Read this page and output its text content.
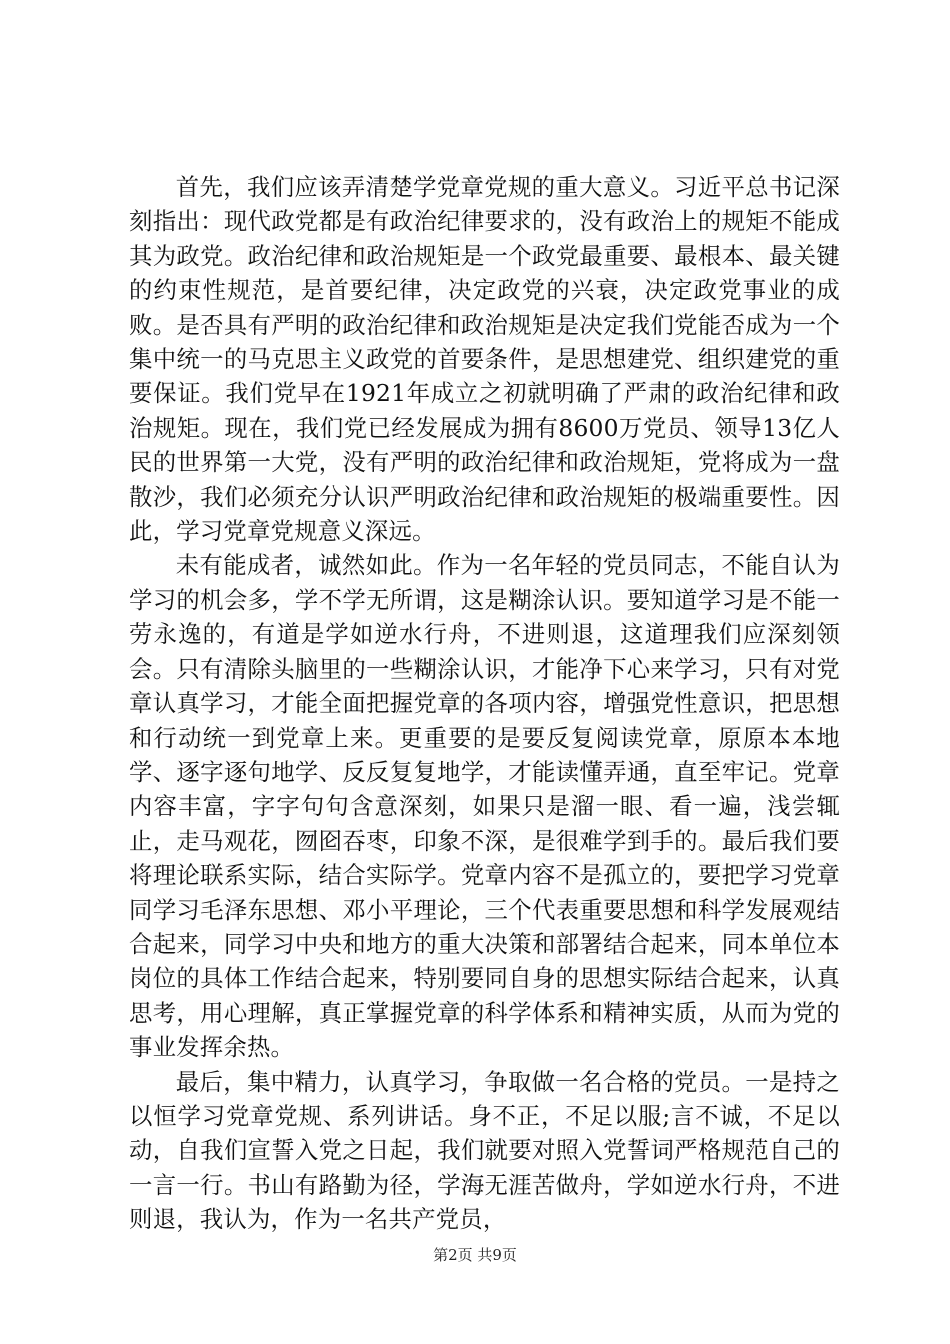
首先，我们应该弄清楚学党章党规的重大意义。习近平总书记深刻指出：现代政党都是有政治纪律要求的，没有政治上的规矩不能成其为政党。政治纪律和政治规矩是一个政党最重要、最根本、最关键的约束性规范，是首要纪律，决定政党的兴衰，决定政党事业的成败。是否具有严明的政治纪律和政治规矩是决定我们党能否成为一个集中统一的马克思主义政党的首要条件，是思想建党、组织建党的重要保证。我们党早在1921年成立之初就明确了严肃的政治纪律和政治规矩。现在，我们党已经发展成为拥有8600万党员、领导13亿人民的世界第一大党，没有严明的政治纪律和政治规矩，党将成为一盘散沙，我们必须充分认识严明政治纪律和政治规矩的极端重要性。因此，学习党章党规意义深远。

未有能成者，诚然如此。作为一名年轻的党员同志，不能自认为学习的机会多，学不学无所谓，这是糊涂认识。要知道学习是不能一劳永逸的，有道是学如逆水行舟，不进则退，这道理我们应深刻领会。只有清除头脑里的一些糊涂认识，才能净下心来学习，只有对党章认真学习，才能全面把握党章的各项内容，增强党性意识，把思想和行动统一到党章上来。更重要的是要反复阅读党章，原原本本地学、逐字逐句地学、反反复复地学，才能读懂弄通，直至牢记。党章内容丰富，字字句句含意深刻，如果只是溜一眼、看一遍，浅尝辄止，走马观花，囫囵吞枣，印象不深，是很难学到手的。最后我们要将理论联系实际，结合实际学。党章内容不是孤立的，要把学习党章同学习毛泽东思想、邓小平理论，三个代表重要思想和科学发展观结合起来，同学习中央和地方的重大决策和部署结合起来，同本单位本岗位的具体工作结合起来，特别要同自身的思想实际结合起来，认真思考，用心理解，真正掌握党章的科学体系和精神实质，从而为党的事业发挥余热。

最后，集中精力，认真学习，争取做一名合格的党员。一是持之以恒学习党章党规、系列讲话。身不正，不足以服;言不诚，不足以动，自我们宣誓入党之日起，我们就要对照入党誓词严格规范自己的一言一行。书山有路勤为径，学海无涯苦做舟，学如逆水行舟，不进则退，我认为，作为一名共产党员，

第2页 共9页
